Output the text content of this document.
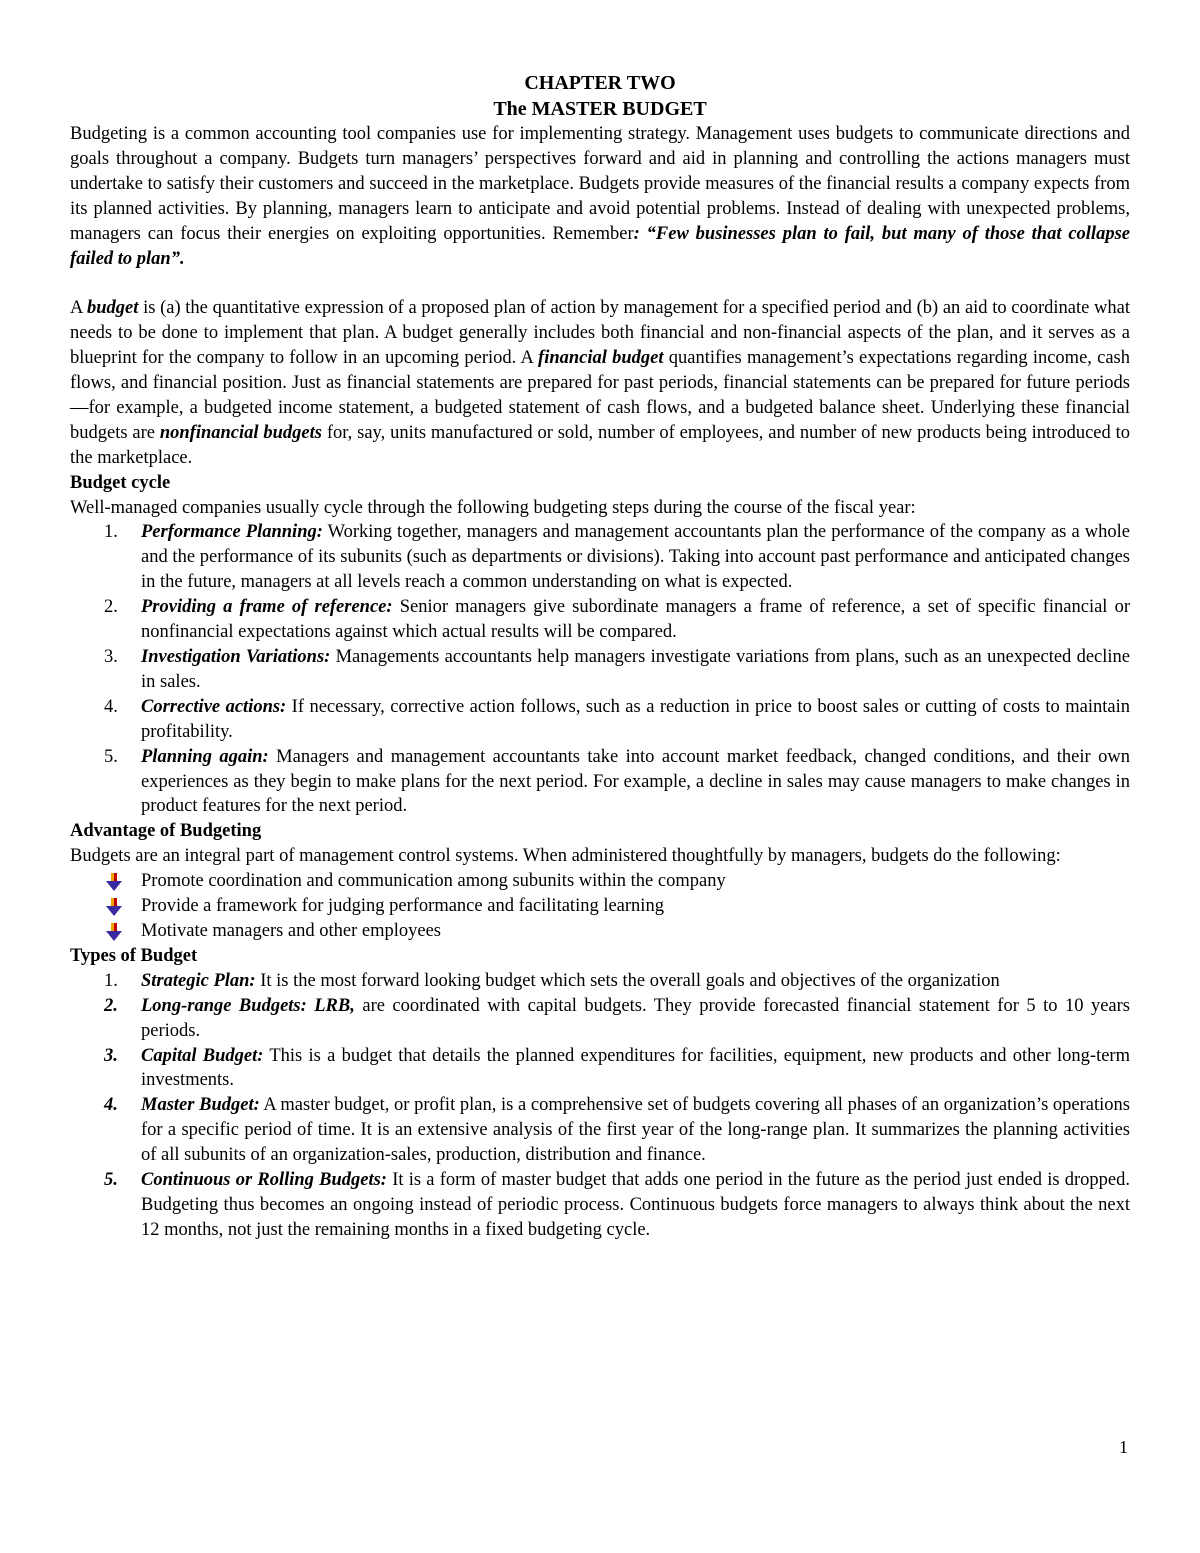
CHAPTER TWO
The MASTER BUDGET

Budgeting is a common accounting tool companies use for implementing strategy. Management uses budgets to communicate directions and goals throughout a company. Budgets turn managers’ perspectives forward and aid in planning and controlling the actions managers must undertake to satisfy their customers and succeed in the marketplace. Budgets provide measures of the financial results a company expects from its planned activities. By planning, managers learn to anticipate and avoid potential problems. Instead of dealing with unexpected problems, managers can focus their energies on exploiting opportunities. Remember: “Few businesses plan to fail, but many of those that collapse failed to plan”.

A budget is (a) the quantitative expression of a proposed plan of action by management for a specified period and (b) an aid to coordinate what needs to be done to implement that plan. A budget generally includes both financial and non-financial aspects of the plan, and it serves as a blueprint for the company to follow in an upcoming period. A financial budget quantifies management’s expectations regarding income, cash flows, and financial position. Just as financial statements are prepared for past periods, financial statements can be prepared for future periods—for example, a budgeted income statement, a budgeted statement of cash flows, and a budgeted balance sheet. Underlying these financial budgets are nonfinancial budgets for, say, units manufactured or sold, number of employees, and number of new products being introduced to the marketplace.

Budget cycle

Well-managed companies usually cycle through the following budgeting steps during the course of the fiscal year:

1.	Performance Planning: Working together, managers and management accountants plan the performance of the company as a whole and the performance of its subunits (such as departments or divisions). Taking into account past performance and anticipated changes in the future, managers at all levels reach a common understanding on what is expected.
2.	Providing a frame of reference: Senior managers give subordinate managers a frame of reference, a set of specific financial or nonfinancial expectations against which actual results will be compared.
3.	Investigation Variations: Managements accountants help managers investigate variations from plans, such as an unexpected decline in sales.
4.	Corrective actions: If necessary, corrective action follows, such as a reduction in price to boost sales or cutting of costs to maintain profitability.
5.	Planning again: Managers and management accountants take into account market feedback, changed conditions, and their own experiences as they begin to make plans for the next period. For example, a decline in sales may cause managers to make changes in product features for the next period.

Advantage of Budgeting

Budgets are an integral part of management control systems. When administered thoughtfully by managers, budgets do the following:

Promote coordination and communication among subunits within the company
Provide a framework for judging performance and facilitating learning
Motivate managers and other employees

Types of Budget

1.	Strategic Plan: It is the most forward looking budget which sets the overall goals and objectives of the organization
2.	Long-range Budgets: LRB, are coordinated with capital budgets. They provide forecasted financial statement for 5 to 10 years periods.
3.	Capital Budget: This is a budget that details the planned expenditures for facilities, equipment, new products and other long-term investments.
4.	Master Budget: A master budget, or profit plan, is a comprehensive set of budgets covering all phases of an organization’s operations for a specific period of time. It is an extensive analysis of the first year of the long-range plan. It summarizes the planning activities of all subunits of an organization-sales, production, distribution and finance.
5.	Continuous or Rolling Budgets: It is a form of master budget that adds one period in the future as the period just ended is dropped. Budgeting thus becomes an ongoing instead of periodic process. Continuous budgets force managers to always think about the next 12 months, not just the remaining months in a fixed budgeting cycle.
1
